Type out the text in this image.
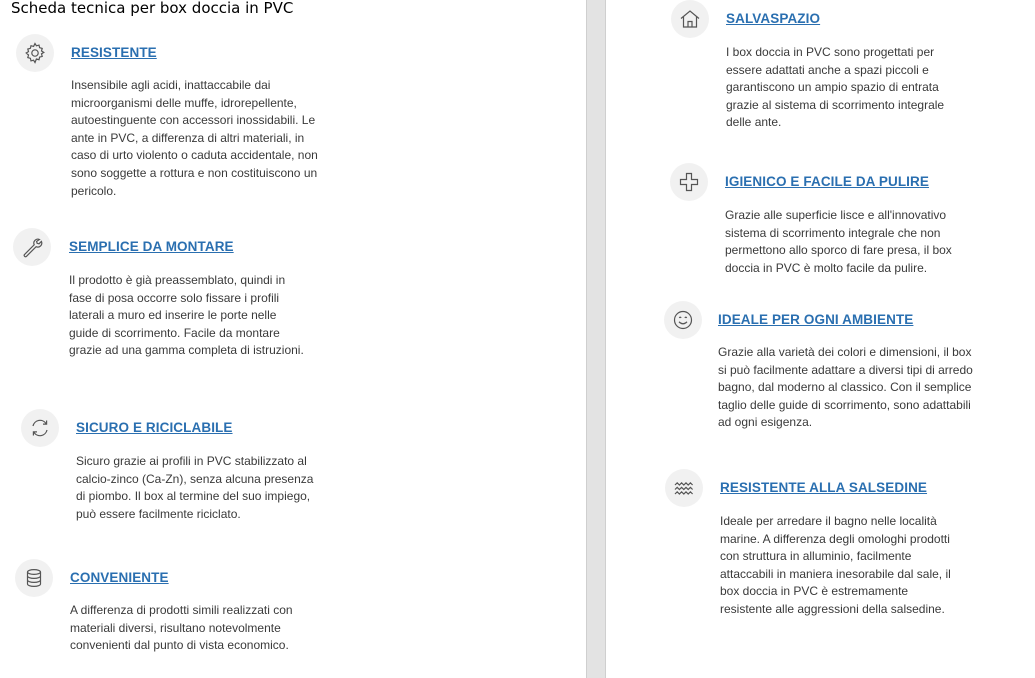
Scheda tecnica per box doccia in PVC
RESISTENTE
Insensibile agli acidi, inattaccabile dai microorganismi delle muffe, idrorepellente, autoestinguente con accessori inossidabili. Le ante in PVC, a differenza di altri materiali, in caso di urto violento o caduta accidentale, non sono soggette a rottura e non costituiscono un pericolo.
SEMPLICE DA MONTARE
Il prodotto è già preassemblato, quindi in fase di posa occorre solo fissare i profili laterali a muro ed inserire le porte nelle guide di scorrimento. Facile da montare grazie ad una gamma completa di istruzioni.
SICURO E RICICLABILE
Sicuro grazie ai profili in PVC stabilizzato al calcio-zinco (Ca-Zn), senza alcuna presenza di piombo. Il box al termine del suo impiego, può essere facilmente riciclato.
CONVENIENTE
A differenza di prodotti simili realizzati con materiali diversi, risultano notevolmente convenienti dal punto di vista economico.
SALVASPAZIO
I box doccia in PVC sono progettati per essere adattati anche a spazi piccoli e garantiscono un ampio spazio di entrata grazie al sistema di scorrimento integrale delle ante.
IGIENICO E FACILE DA PULIRE
Grazie alle superficie lisce e all'innovativo sistema di scorrimento integrale che non permettono allo sporco di fare presa, il box doccia in PVC è molto facile da pulire.
IDEALE PER OGNI AMBIENTE
Grazie alla varietà dei colori e dimensioni, il box si può facilmente adattare a diversi tipi di arredo bagno, dal moderno al classico. Con il semplice taglio delle guide di scorrimento, sono adattabili ad ogni esigenza.
RESISTENTE ALLA SALSEDINE
Ideale per arredare il bagno nelle località marine. A differenza degli omologhi prodotti con struttura in alluminio, facilmente attaccabili in maniera inesorabile dal sale, il box doccia in PVC è estremamente resistente alle aggressioni della salsedine.
